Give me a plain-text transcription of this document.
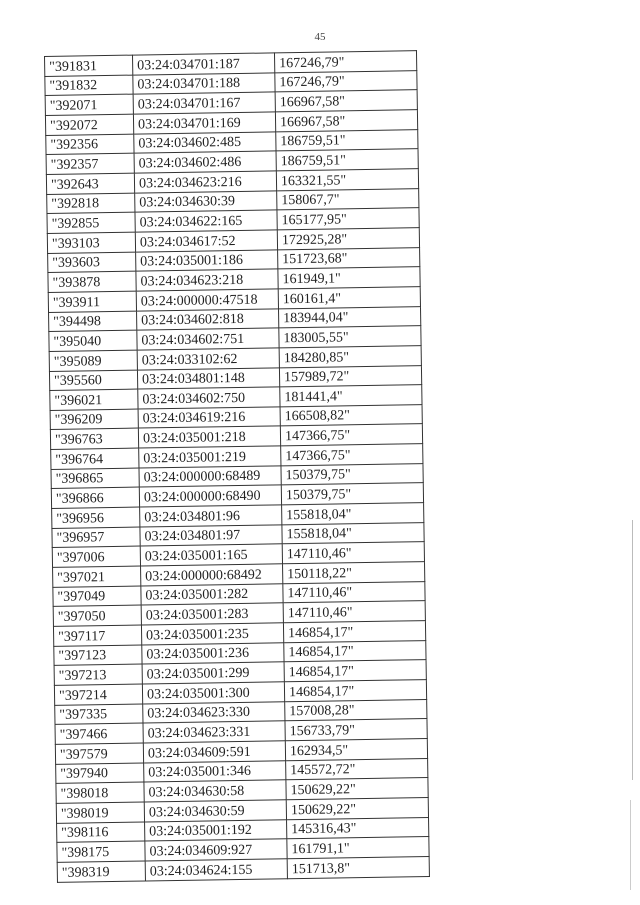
45
"391831	03:24:034701:187	167246,79"
"391832	03:24:034701:188	167246,79"
"392071	03:24:034701:167	166967,58"
"392072	03:24:034701:169	166967,58"
"392356	03:24:034602:485	186759,51"
"392357	03:24:034602:486	186759,51"
"392643	03:24:034623:216	163321,55"
"392818	03:24:034630:39	158067,7"
"392855	03:24:034622:165	165177,95"
"393103	03:24:034617:52	172925,28"
"393603	03:24:035001:186	151723,68"
"393878	03:24:034623:218	161949,1"
"393911	03:24:000000:47518	160161,4"
"394498	03:24:034602:818	183944,04"
"395040	03:24:034602:751	183005,55"
"395089	03:24:033102:62	184280,85"
"395560	03:24:034801:148	157989,72"
"396021	03:24:034602:750	181441,4"
"396209	03:24:034619:216	166508,82"
"396763	03:24:035001:218	147366,75"
"396764	03:24:035001:219	147366,75"
"396865	03:24:000000:68489	150379,75"
"396866	03:24:000000:68490	150379,75"
"396956	03:24:034801:96	155818,04"
"396957	03:24:034801:97	155818,04"
"397006	03:24:035001:165	147110,46"
"397021	03:24:000000:68492	150118,22"
"397049	03:24:035001:282	147110,46"
"397050	03:24:035001:283	147110,46"
"397117	03:24:035001:235	146854,17"
"397123	03:24:035001:236	146854,17"
"397213	03:24:035001:299	146854,17"
"397214	03:24:035001:300	146854,17"
"397335	03:24:034623:330	157008,28"
"397466	03:24:034623:331	156733,79"
"397579	03:24:034609:591	162934,5"
"397940	03:24:035001:346	145572,72"
"398018	03:24:034630:58	150629,22"
"398019	03:24:034630:59	150629,22"
"398116	03:24:035001:192	145316,43"
"398175	03:24:034609:927	161791,1"
"398319	03:24:034624:155	151713,8"
